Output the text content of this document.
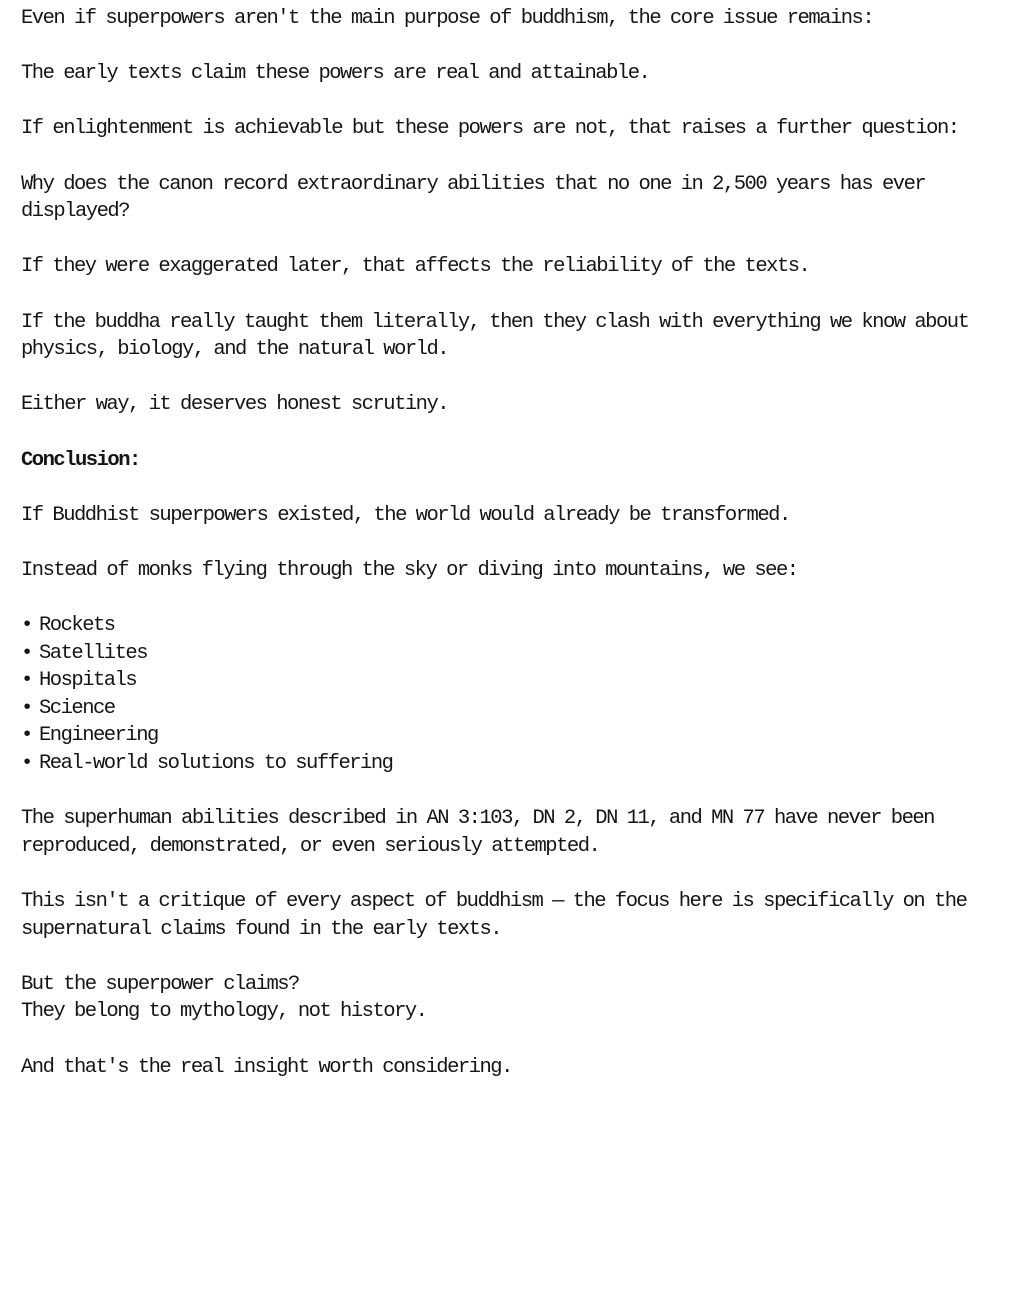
Even if superpowers aren't the main purpose of buddhism, the core issue remains:

The early texts claim these powers are real and attainable.

If enlightenment is achievable but these powers are not, that raises a further question:

Why does the canon record extraordinary abilities that no one in 2,500 years has ever displayed?

If they were exaggerated later, that affects the reliability of the texts.

If the buddha really taught them literally, then they clash with everything we know about physics, biology, and the natural world.

Either way, it deserves honest scrutiny.

Conclusion:

If Buddhist superpowers existed, the world would already be transformed.

Instead of monks flying through the sky or diving into mountains, we see:

• Rockets
• Satellites
• Hospitals
• Science
• Engineering
• Real-world solutions to suffering

The superhuman abilities described in AN 3:103, DN 2, DN 11, and MN 77 have never been reproduced, demonstrated, or even seriously attempted.

This isn't a critique of every aspect of buddhism — the focus here is specifically on the supernatural claims found in the early texts.

But the superpower claims?
They belong to mythology, not history.

And that's the real insight worth considering.
